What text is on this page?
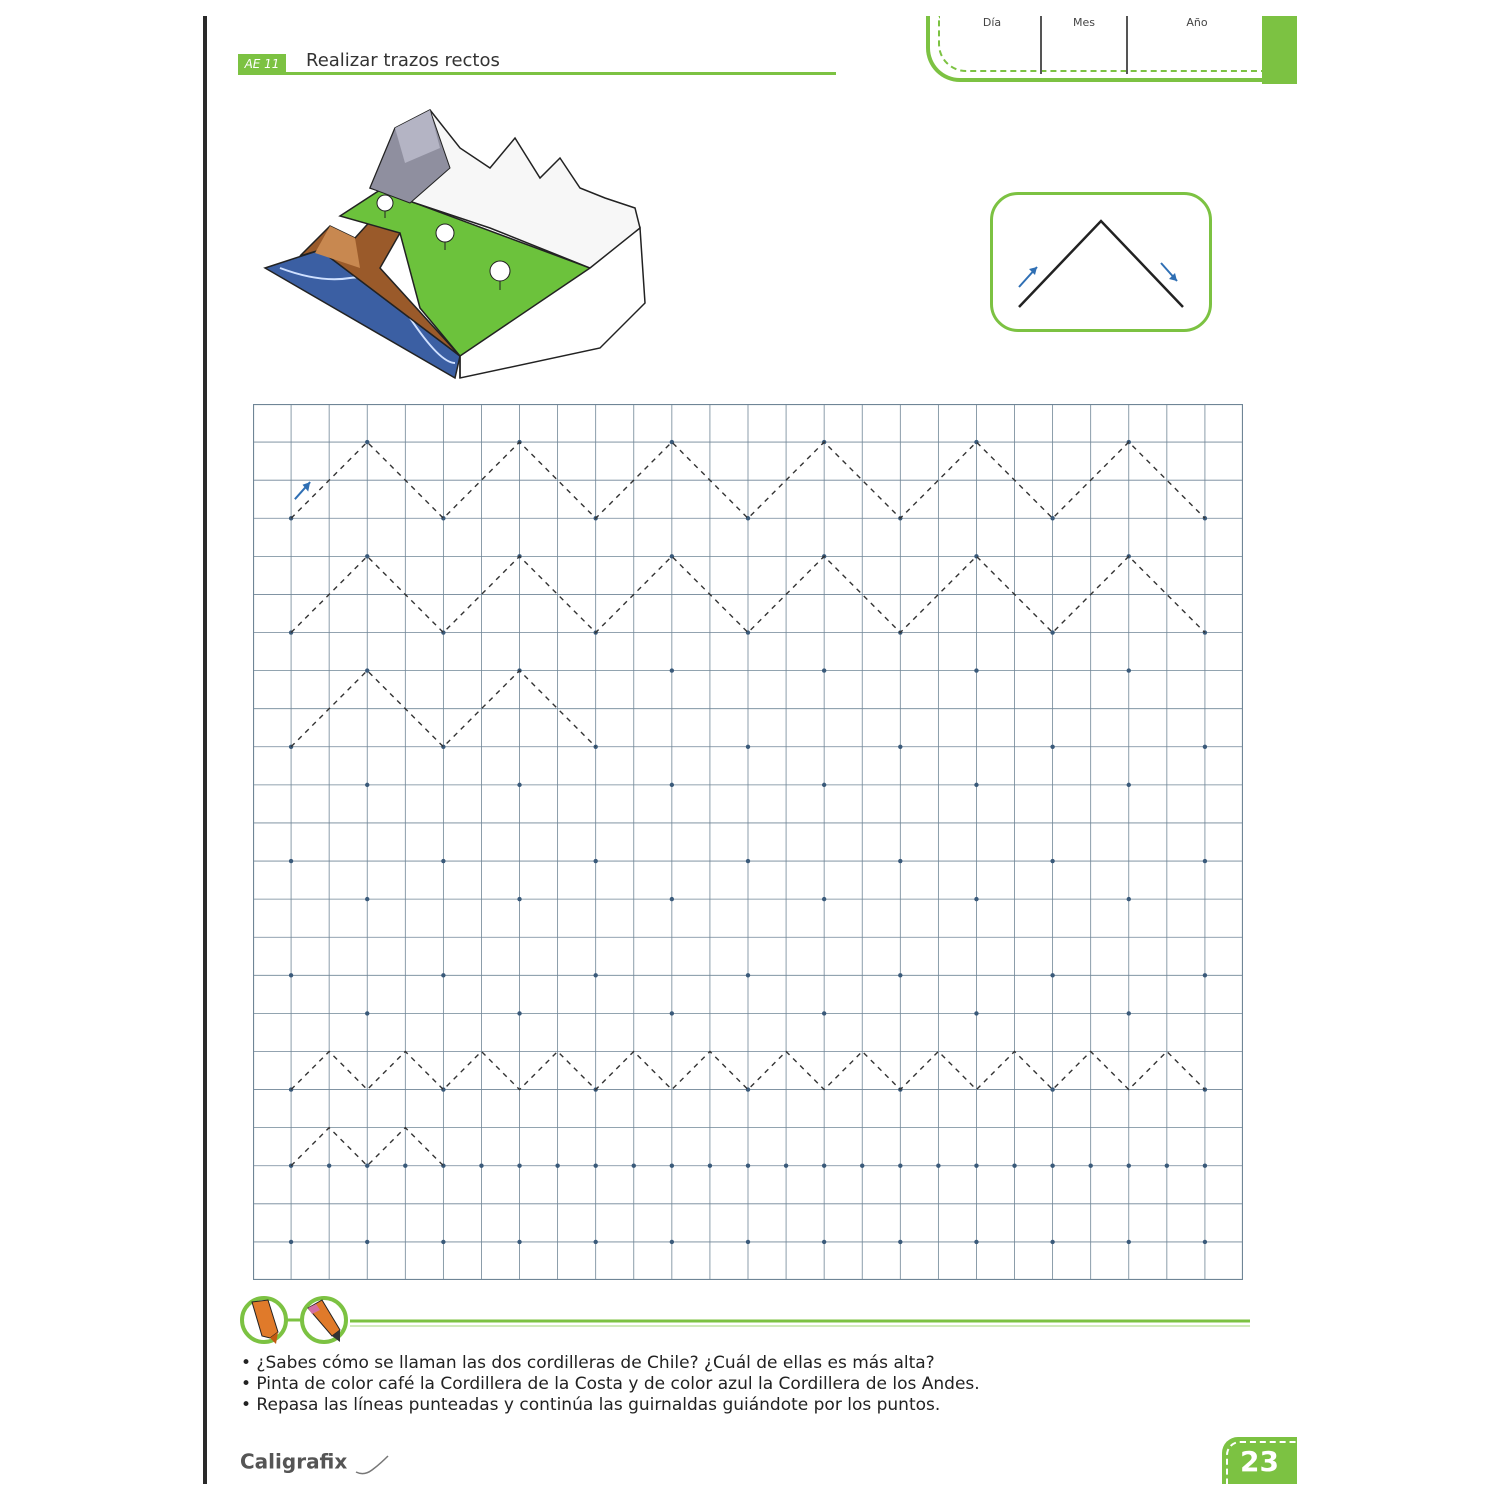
AE 11	Realizar trazos rectos
Día	Mes	Año
• ¿Sabes cómo se llaman las dos cordilleras de Chile? ¿Cuál de ellas es más alta?
• Pinta de color café la Cordillera de la Costa y de color azul la Cordillera de los Andes.
• Repasa las líneas punteadas y continúa las guirnaldas guiándote por los puntos.
Caligrafix	23
